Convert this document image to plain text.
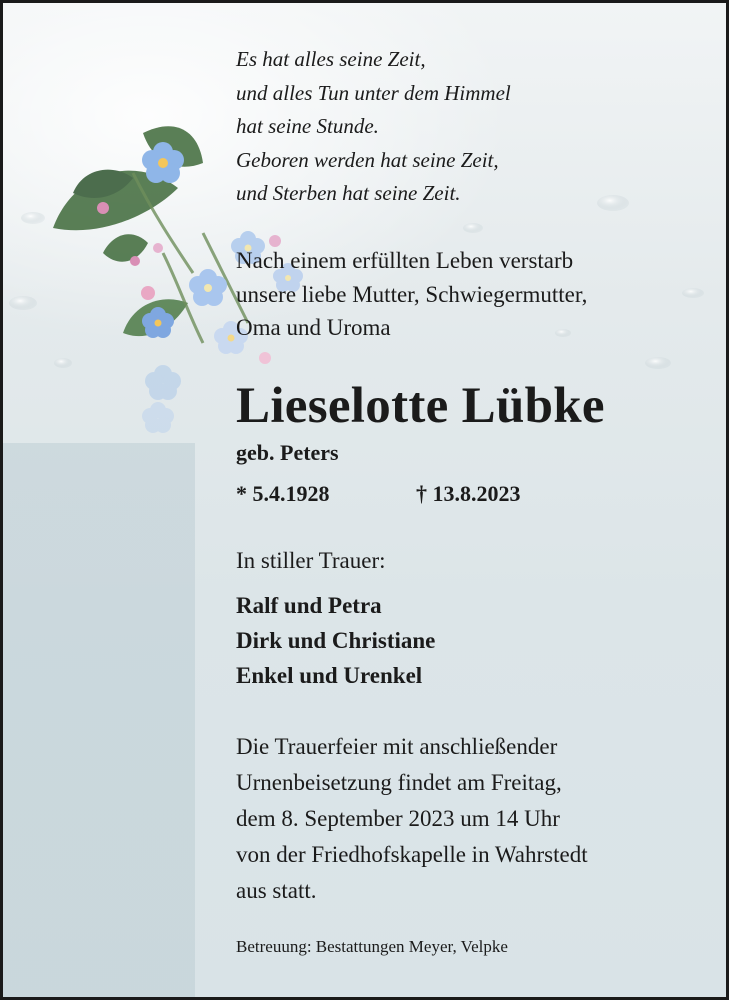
Es hat alles seine Zeit,
und alles Tun unter dem Himmel
hat seine Stunde.
Geboren werden hat seine Zeit,
und Sterben hat seine Zeit.
Nach einem erfüllten Leben verstarb
unsere liebe Mutter, Schwiegermutter,
Oma und Uroma
Lieselotte Lübke
geb. Peters
* 5.4.1928	† 13.8.2023
In stiller Trauer:
Ralf und Petra
Dirk und Christiane
Enkel und Urenkel
Die Trauerfeier mit anschließender
Urnenbeisetzung findet am Freitag,
dem 8. September 2023 um 14 Uhr
von der Friedhofskapelle in Wahrstedt
aus statt.
Betreuung: Bestattungen Meyer, Velpke
